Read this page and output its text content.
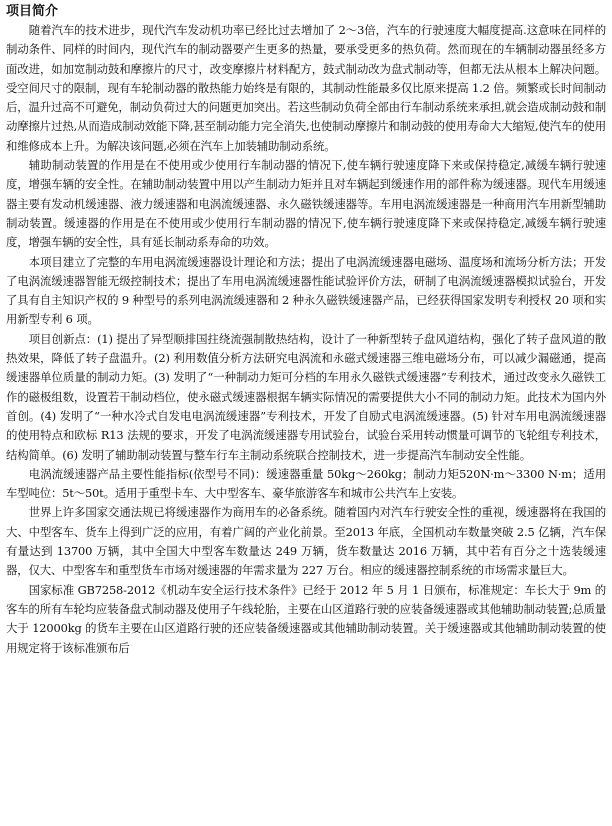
项目简介

随着汽车的技术进步，现代汽车发动机功率已经比过去增加了 2～3倍，汽车的行驶速度大幅度提高.这意味在同样的制动条件、同样的时间内，现代汽车的制动器要产生更多的热量，要承受更多的热负荷。然而现在的车辆制动器虽经多方面改进，如加宽制动鼓和摩擦片的尺寸，改变摩擦片材料配方，鼓式制动改为盘式制动等，但都无法从根本上解决问题。受空间尺寸的限制，现有车轮制动器的散热能力始终是有限的，其制动性能最多仅比原来提高 1.2 倍。频繁或长时间制动后，温升过高不可避免，制动负荷过大的问题更加突出。若这些制动负荷全部由行车制动系统来承担,就会造成制动鼓和制动摩擦片过热,从而造成制动效能下降,甚至制动能力完全消失,也使制动摩擦片和制动鼓的使用寿命大大缩短,使汽车的使用和维修成本上升。为解决该问题,必须在汽车上加装辅助制动系统。

辅助制动装置的作用是在不使用或少使用行车制动器的情况下,使车辆行驶速度降下来或保持稳定,减缓车辆行驶速度，增强车辆的安全性。在辅助制动装置中用以产生制动力矩并且对车辆起到缓速作用的部件称为缓速器。现代车用缓速器主要有发动机缓速器、液力缓速器和电涡流缓速器、永久磁铁缓速器等。车用电涡流缓速器是一种商用汽车用新型辅助制动装置。缓速器的作用是在不使用或少使用行车制动器的情况下,使车辆行驶速度降下来或保持稳定,减缓车辆行驶速度，增强车辆的安全性，具有延长制动系寿命的功效。

本项目建立了完整的车用电涡流缓速器设计理论和方法；提出了电涡流缓速器电磁场、温度场和流场分析方法；开发了电涡流缓速器智能无级控制技术；提出了车用电涡流缓速器性能试验评价方法，研制了电涡流缓速器模拟试验台，开发了具有自主知识产权的 9 种型号的系列电涡流缓速器和 2 种永久磁铁缓速器产品，已经获得国家发明专利授权 20 项和实用新型专利 6 项。

项目创新点：(1) 提出了异型顺排国拄绕流强制散热结构，设计了一种新型转子盘风道结构，强化了转子盘风道的散热效果，降低了转子盘温升。(2) 利用数值分析方法研究电涡流和永磁式缓速器三维电磁场分布，可以减少漏磁通，提高缓速器单位质量的制动力矩。(3) 发明了“一种制动力矩可分档的车用永久磁铁式缓速器”专利技术，通过改变永久磁铁工作的磁极组数，设置若干制动档位，使永磁式缓速器根据车辆实际情况的需要提供大小不同的制动力矩。此技术为国内外首创。(4) 发明了“一种水冷式自发电电涡流缓速器”专利技术，开发了自励式电涡流缓速器。(5) 针对车用电涡流缓速器的使用特点和欧标 R13 法规的要求，开发了电涡流缓速器专用试验台，试验台采用转动惯量可调节的飞轮组专利技术，结构简单。(6) 发明了辅助制动装置与整车行车主制动系统联合控制技术，进一步提高汽车制动安全性能。

电涡流缓速器产品主要性能指标(依型号不同)：缓速器重量 50kg～260kg；制动力矩520N·m～3300 N·m；适用车型吨位：5t～50t。适用于重型卡车、大中型客车、豪华旅游客车和城市公共汽车上安装。

世界上许多国家交通法规已将缓速器作为商用车的必备系统。随着国内对汽车行驶安全性的重视，缓速器将在我国的大、中型客车、货车上得到广泛的应用，有着广阔的产业化前景。至2013 年底，全国机动车数量突破 2.5 亿辆，汽车保有量达到 13700 万辆，其中全国大中型客车数量达 249 万辆，货车数量达 2016 万辆，其中若有百分之十选装缓速器，仅大、中型客车和重型货车市场对缓速器的年需求量为 227 万台。相应的缓速器控制系统的市场需求量巨大。

国家标准 GB7258-2012《机动车安全运行技术条件》已经于 2012 年 5 月 1 日颁布，标准规定：车长大于 9m 的客车的所有车轮均应装备盘式制动器及使用子午线轮胎，主要在山区道路行驶的应装备缓速器或其他辅助制动装置;总质量大于 12000kg 的货车主要在山区道路行驶的还应装备缓速器或其他辅助制动装置。关于缓速器或其他辅助制动装置的使用规定将于该标准颁布后
